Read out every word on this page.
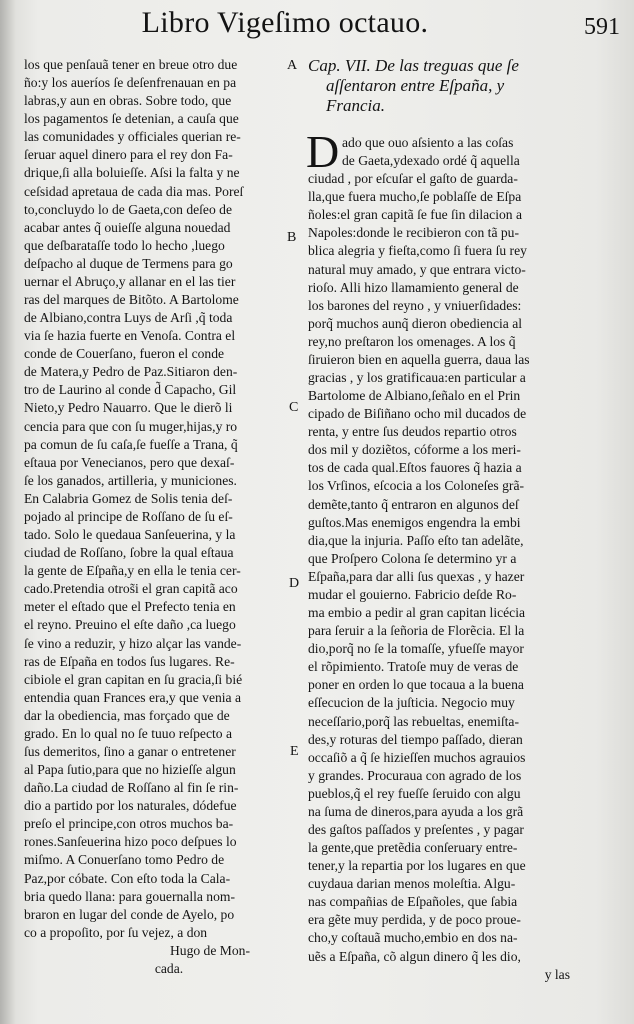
Libro Vigeſimo octauo.	591
los que penſauã tener en breue otro due
ño:y los aueríos ſe deſenfrenauan en pa
labras,y aun en obras. Sobre todo, que
los pagamentos ſe detenian, a cauſa que
las comunidades y officiales querian re-
ſeruar aquel dinero para el rey don Fa-
drique,ſi alla boluieſſe. Aſsi la falta y ne
ceſsidad apretaua de cada dia mas. Poreſ
to,concluydo lo de Gaeta,con deſeo de
acabar antes q̃ ouieſſe alguna nouedad
que deſbarataſſe todo lo hecho ,luego
deſpacho al duque de Termens para go
uernar el Abruço,y allanar en el las tier
ras del marques de Bitõto. A Bartolome
de Albiano,contra Luys de Arſi ,q̃ toda
via ſe hazia fuerte en Venoſa. Contra el
conde de Couerſano, fueron el conde
de Matera,y Pedro de Paz.Sitiaron den-
tro de Laurino al conde d̃ Capacho, Gil
Nieto,y Pedro Nauarro. Que le dierõ li
cencia para que con ſu muger,hijas,y ro
pa comun de ſu caſa,ſe fueſſe a Trana, q̃
eſtaua por Venecianos, pero que dexaſ-
ſe los ganados, artilleria, y municiones.
En Calabria Gomez de Solis tenia deſ-
pojado al principe de Roſſano de ſu eſ-
tado. Solo le quedaua Sanſeuerina, y la
ciudad de Roſſano, ſobre la qual eſtaua
la gente de Eſpaña,y en ella le tenia cer-
cado.Pretendia otros̃i el gran capitã aco
meter el eſtado que el Prefecto tenia en
el reyno. Preuino el eſte daño ,ca luego
ſe vino a reduzir, y hizo alçar las vande-
ras de Eſpaña en todos ſus lugares. Re-
cibiole el gran capitan en ſu gracia,ſi bié
entendia quan Frances era,y que venia a
dar la obediencia, mas forçado que de
grado. En lo qual no ſe tuuo reſpecto a
ſus demeritos, ſino a ganar o entretener
al Papa ſutio,para que no hizieſſe algun
daño.La ciudad de Roſſano al fin ſe rin-
dio a partido por los naturales, dódefue
preſo el principe,con otros muchos ba-
rones.Sanſeuerina hizo poco deſpues lo
miſmo. A Conuerſano tomo Pedro de
Paz,por cóbate. Con eſto toda la Cala-
bria quedo llana: para gouernalla nom-
braron en lugar del conde de Ayelo, po
co a propoſito, por ſu vejez, a don
Hugo de Mon-
cada.
Cap. VII. De las treguas que ſe
aſſentaron entre Eſpaña, y
Francia.
D ado que ouo aſsiento a las coſas
de Gaeta,ydexado ordé q̃ aquella
ciudad , por eſcuſar el gaſto de guarda-
lla,que fuera mucho,ſe poblaſſe de Eſpa
ñoles:el gran capitã ſe fue ſin dilacion a
Napoles:donde le recibieron con tã pu-
blica alegria y fieſta,como ſi fuera ſu rey
natural muy amado, y que entrara victo-
rioſo. Alli hizo llamamiento general de
los barones del reyno , y vniuerſidades:
porq̃ muchos aunq̃ dieron obediencia al
rey,no preſtaron los omenages. A los q̃
ſiruieron bien en aquella guerra, daua las
gracias , y los gratificaua:en particular a
Bartolome de Albiano,ſeñalo en el Prin
cipado de Biſiñano ocho mil ducados de
renta, y entre ſus deudos repartio otros
dos mil y doziẽtos, cóforme a los meri-
tos de cada qual.Eſtos fauores q̃ hazia a
los Vrſinos, eſcocia a los Coloneſes grã-
demẽte,tanto q̃ entraron en algunos deſ
guſtos.Mas enemigos engendra la embi
dia,que la injuria. Paſſo eſto tan adelãte,
que Proſpero Colona ſe determino yr a
Eſpaña,para dar alli ſus quexas , y hazer
mudar el gouierno. Fabricio deſde Ro-
ma embio a pedir al gran capitan licécia
para ſeruir a la ſeñoria de Florẽcia. El la
dio,porq̃ no ſe la tomaſſe, yfueſſe mayor
el rõpimiento. Tratoſe muy de veras de
poner en orden lo que tocaua a la buena
eſſecucion de la juſticia. Negocio muy
neceſſario,porq̃ las rebueltas, enemiſta-
des,y roturas del tiempo paſſado, dieran
occaſiõ a q̃ ſe hizieſſen muchos agrauios
y grandes. Procuraua con agrado de los
pueblos,q̃ el rey fueſſe ſeruido con algu
na ſuma de dineros,para ayuda a los grã
des gaſtos paſſados y preſentes , y pagar
la gente,que pretẽdia conſeruary entre-
tener,y la repartia por los lugares en que
cuydaua darian menos moleſtia. Algu-
nas compañias de Eſpañoles, que ſabia
era gẽte muy perdida, y de poco proue-
cho,y coſtauã mucho,embio en dos na-
uẽs a Eſpaña, cõ algun dinero q̃ les dio,
y las
A
B
C
D
E
